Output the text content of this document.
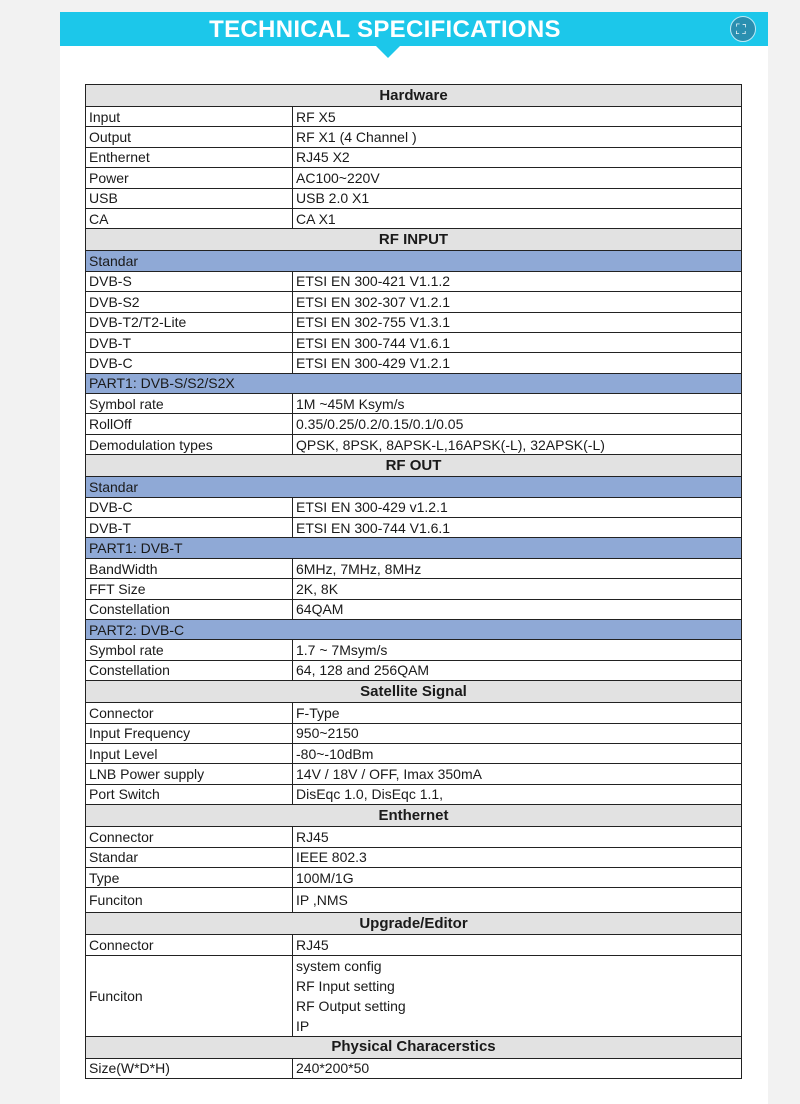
TECHNICAL SPECIFICATIONS	⛶
Hardware	
Input	RF X5
Output	RF X1 (4 Channel )
Enthernet	RJ45 X2
Power	AC100~220V
USB	USB 2.0 X1
CA	CA X1
RF INPUT	
Standar	
DVB-S	ETSI EN 300-421 V1.1.2
DVB-S2	ETSI EN 302-307 V1.2.1
DVB-T2/T2-Lite	ETSI EN 302-755 V1.3.1
DVB-T	ETSI EN 300-744 V1.6.1
DVB-C	ETSI EN 300-429 V1.2.1
PART1: DVB-S/S2/S2X	
Symbol rate	1M ~45M Ksym/s
RollOff	0.35/0.25/0.2/0.15/0.1/0.05
Demodulation types	QPSK, 8PSK, 8APSK-L,16APSK(-L), 32APSK(-L)
RF OUT	
Standar	
DVB-C	ETSI EN 300-429 v1.2.1
DVB-T	ETSI EN 300-744 V1.6.1
PART1: DVB-T	
BandWidth	6MHz, 7MHz, 8MHz
FFT Size	2K, 8K
Constellation	64QAM
PART2: DVB-C	
Symbol rate	1.7 ~ 7Msym/s
Constellation	64, 128 and 256QAM
Satellite Signal	
Connector	F-Type
Input Frequency	950~2150
Input Level	-80~-10dBm
LNB Power supply	14V / 18V / OFF, Imax 350mA
Port Switch	DisEqc 1.0, DisEqc 1.1,
Enthernet	
Connector	RJ45
Standar	IEEE 802.3
Type	100M/1G
Funciton	IP ,NMS
Upgrade/Editor	
Connector	RJ45
Funciton	system config
RF Input setting
RF Output setting
IP

Physical Characerstics	
Size(W*D*H)	240*200*50
